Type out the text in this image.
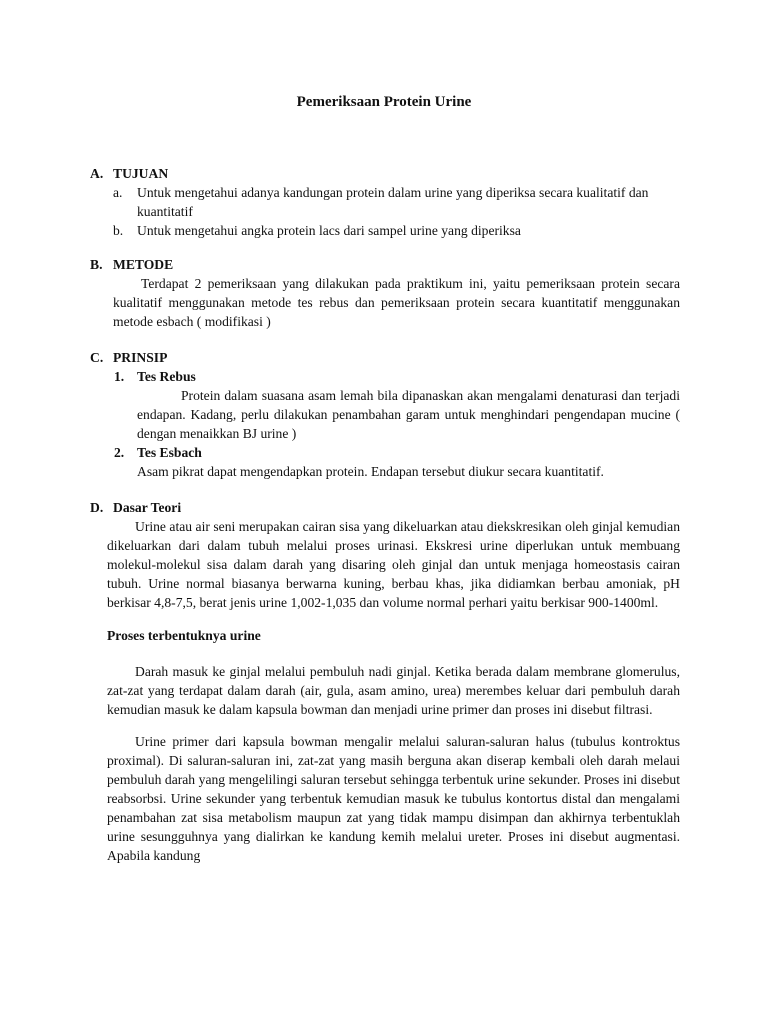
Pemeriksaan Protein Urine
A. TUJUAN
a.	Untuk mengetahui adanya kandungan protein dalam urine yang diperiksa secara kualitatif dan kuantitatif
b.	Untuk mengetahui angka protein lacs dari sampel urine yang diperiksa
B. METODE
Terdapat 2 pemeriksaan yang dilakukan pada praktikum ini, yaitu pemeriksaan protein secara kualitatif menggunakan metode tes rebus dan pemeriksaan protein secara kuantitatif menggunakan metode esbach ( modifikasi )
C. PRINSIP
1. Tes Rebus
Protein dalam suasana asam lemah bila dipanaskan akan mengalami denaturasi dan terjadi endapan. Kadang, perlu dilakukan penambahan garam untuk menghindari pengendapan mucine ( dengan menaikkan BJ urine )
2. Tes Esbach
Asam pikrat dapat mengendapkan protein. Endapan tersebut diukur secara kuantitatif.
D. Dasar Teori
Urine atau air seni merupakan cairan sisa yang dikeluarkan atau diekskresikan oleh ginjal kemudian dikeluarkan dari dalam tubuh melalui proses urinasi. Ekskresi urine diperlukan untuk membuang molekul-molekul sisa dalam darah yang disaring oleh ginjal dan untuk menjaga homeostasis cairan tubuh. Urine normal biasanya berwarna kuning, berbau khas, jika didiamkan berbau amoniak, pH berkisar 4,8-7,5, berat jenis urine 1,002-1,035 dan volume normal perhari yaitu berkisar 900-1400ml.
Proses terbentuknya urine
Darah masuk ke ginjal melalui pembuluh nadi ginjal. Ketika berada dalam membrane glomerulus, zat-zat yang terdapat dalam darah (air, gula, asam amino, urea) merembes keluar dari pembuluh darah kemudian masuk ke dalam kapsula bowman dan menjadi urine primer dan proses ini disebut filtrasi.
Urine primer dari kapsula bowman mengalir melalui saluran-saluran halus (tubulus kontroktus proximal). Di saluran-saluran ini, zat-zat yang masih berguna akan diserap kembali oleh darah melaui pembuluh darah yang mengelilingi saluran tersebut sehingga terbentuk urine sekunder. Proses ini disebut reabsorbsi. Urine sekunder yang terbentuk kemudian masuk ke tubulus kontortus distal dan mengalami penambahan zat sisa metabolism maupun zat yang tidak mampu disimpan dan akhirnya terbentuklah urine sesungguhnya yang dialirkan ke kandung kemih melalui ureter. Proses ini disebut augmentasi. Apabila kandung
